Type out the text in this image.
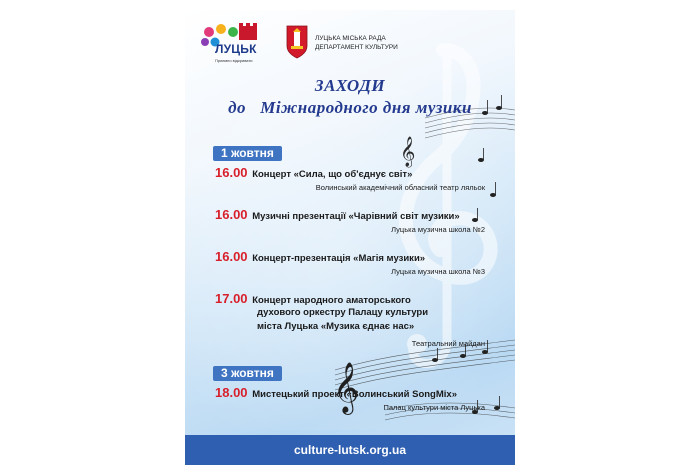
𝄞
𝄞
ЛУЦЬК
Приємно відкривати
ЛУЦЬКА МІСЬКА РАДА
ДЕПАРТАМЕНТ КУЛЬТУРИ
ЗАХОДИ
до   Міжнародного дня музики
1 жовтня
16.00 Концерт «Сила, що об'єднує світ»
Волинський академічний обласний театр ляльок
16.00 Музичні презентації «Чарівний світ музики»
Луцька музична школа №2
16.00 Концерт-презентація «Магія музики»
Луцька музична школа №3
17.00 Концерт народного аматорського
духового оркестру Палацу культури
міста Луцька «Музика єднає нас»
Театральний майдан
3 жовтня
18.00 Мистецький проект «Волинський SongMix»
Палац культури міста Луцька
culture-lutsk.org.ua
